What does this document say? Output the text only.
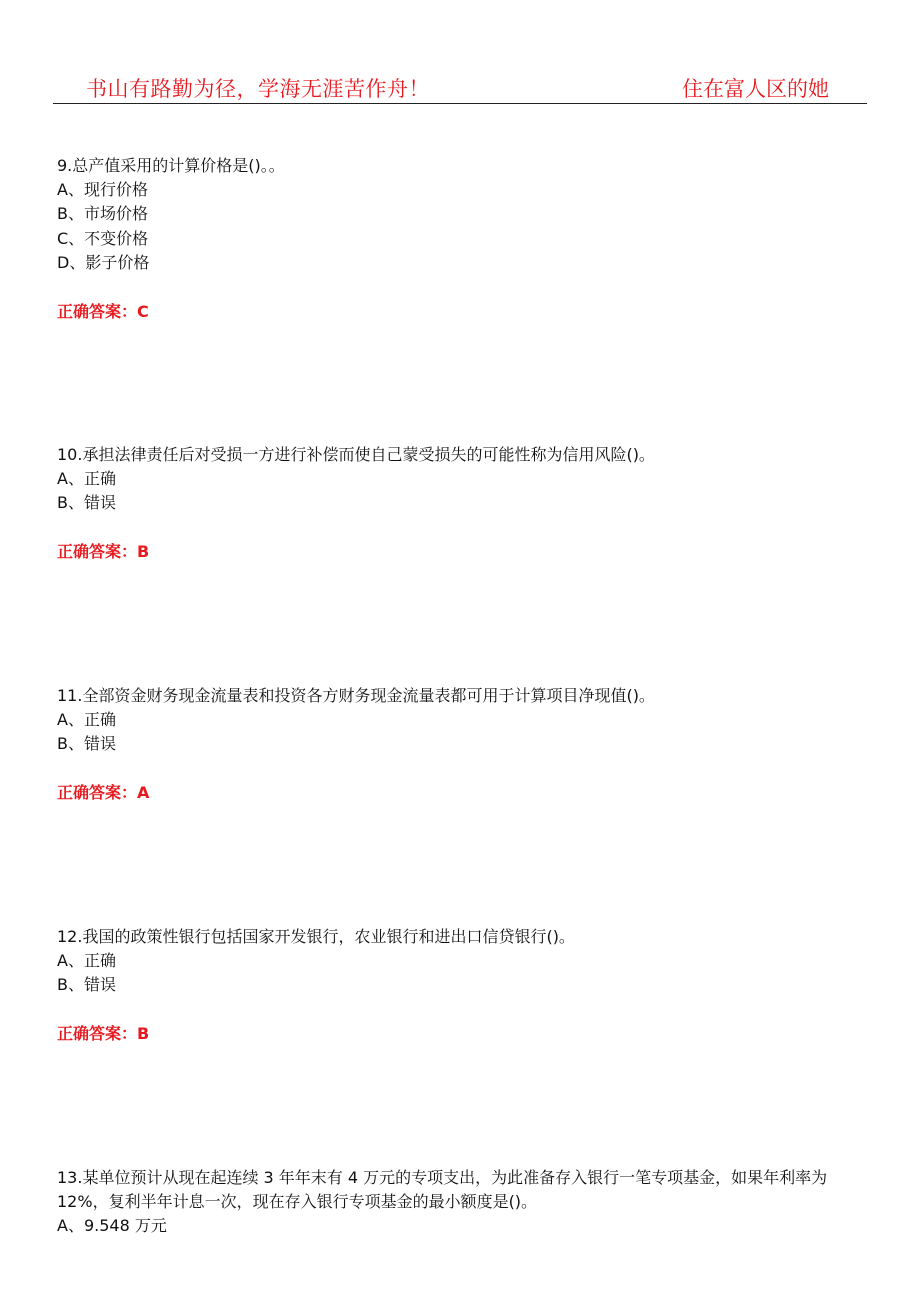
书山有路勤为径，学海无涯苦作舟！	住在富人区的她
9.总产值采用的计算价格是()。。
A、现行价格
B、市场价格
C、不变价格
D、影子价格
正确答案：C
10.承担法律责任后对受损一方进行补偿而使自己蒙受损失的可能性称为信用风险()。
A、正确
B、错误
正确答案：B
11.全部资金财务现金流量表和投资各方财务现金流量表都可用于计算项目净现值()。
A、正确
B、错误
正确答案：A
12.我国的政策性银行包括国家开发银行，农业银行和进出口信贷银行()。
A、正确
B、错误
正确答案：B
13.某单位预计从现在起连续 3 年年末有 4 万元的专项支出，为此准备存入银行一笔专项基金，如果年利率为 12%，复利半年计息一次，现在存入银行专项基金的最小额度是()。
A、9.548 万元
